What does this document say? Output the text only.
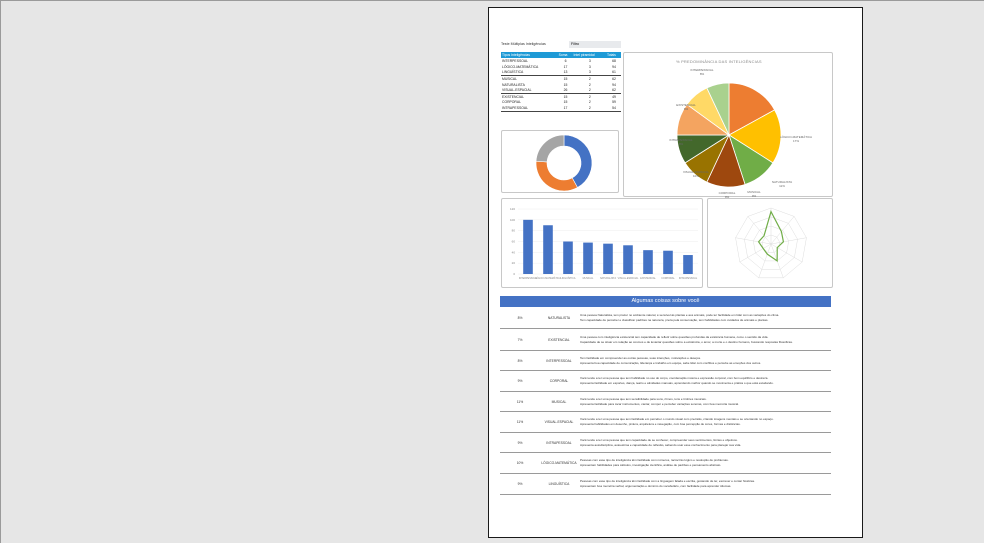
Teste Múltiplas Inteligências	Filtro
Tipos Inteligências	Soma	Intel piramidal	Totais
INTERPESSOAL	6	3	68
LÓGICO-MATEMÁTICA	17	3	94
LINGUÍSTICA	13	3	61
MUSICAL	15	2	62
NATURALISTA	15	2	94
VISUAL-ESPACIAL	26	2	62
EXISTENCIAL	15	2	49
CORPORAL	15	2	59
INTRAPESSOAL	17	2	54
% PREDOMINÂNCIA DAS INTELIGÊNCIAS
INTERPESSOAL
8%
LÓGICO-MATEMÁTICA
17%
NATURALISTA
11%
MUSICAL
9%
CORPORAL
9%
VISUAL-ESPACIAL
10%
INTRAPESSOAL
8%
EXISTENCIAL
6%
120
100
80
60
40
20
0
INTERPESSOAL
LÓGICO-MATEMÁTICA LINGUÍSTICA	MUSICAL	NATURALISTA VISUAL-ESPACIAL EXISTENCIAL CORPORAL INTRAPESSOAL
Algumas coisas sobre você
8%	NATURALISTA
Uma pessoa Naturalista, tem prazer no ambiente natural, é sensível às plantas e aos animais, pode ter facilidade em lidar com as variações do clima.
Tem capacidade de perceber e classificar padrões na natureza, preza pela conservação, tem habilidades com cuidados de animais e plantas.
7%	EXISTENCIAL
Uma pessoa com inteligência existencial tem capacidade de refletir sobre questões profundas da existência humana, como o sentido da vida.
Capacidade de se situar em relação ao cosmos e de levantar questões sobre a existência, o amor, a morte e o destino humano, buscando respostas filosóficas.
8%	INTERPESSOAL
Tem facilidade em compreender as outras pessoas, suas intenções, motivações e desejos.
Apresenta boa capacidade de comunicação, liderança e trabalho em equipe, sabe lidar com conflitos e percebe as emoções dos outros.
9%	CORPORAL
Você tende a ter uma pessoa que tem habilidade no uso do corpo, coordenação motora e expressão corporal, com bom equilíbrio e destreza.
Apresenta facilidade em esportes, dança, teatro e atividades manuais, aprendendo melhor quando se movimenta e pratica o que está estudando.
11%	MUSICAL
Você tende a ter uma pessoa que tem sensibilidade para sons, ritmos, tons e timbres musicais.
Apresenta facilidade para tocar instrumentos, cantar, compor e perceber variações sonoras, com boa memória musical.
11%	VISUAL-ESPACIAL
Você tende a ter uma pessoa que tem facilidade em perceber o mundo visual com precisão, criando imagens mentais e se orientando no espaço.
Apresenta habilidades em desenho, pintura, arquitetura e navegação, com boa percepção de cores, formas e distâncias.
9%	INTRAPESSOAL
Você tende a ter uma pessoa que tem capacidade de se conhecer, compreender seus sentimentos, limites e objetivos.
Apresenta autodisciplina, autoestima e capacidade de reflexão, sabendo usar esse conhecimento para planejar sua vida.
10%	LÓGICO-MATEMÁTICA
Pessoas com esse tipo de inteligência têm facilidade com números, raciocínio lógico e resolução de problemas.
Apresentam habilidades para cálculos, investigação científica, análise de padrões e pensamento abstrato.
9%	LINGUÍSTICA
Pessoas com esse tipo de inteligência têm facilidade com a linguagem falada e escrita, gostando de ler, escrever e contar histórias.
Apresentam boa memória verbal, argumentação e domínio do vocabulário, com facilidade para aprender idiomas.
